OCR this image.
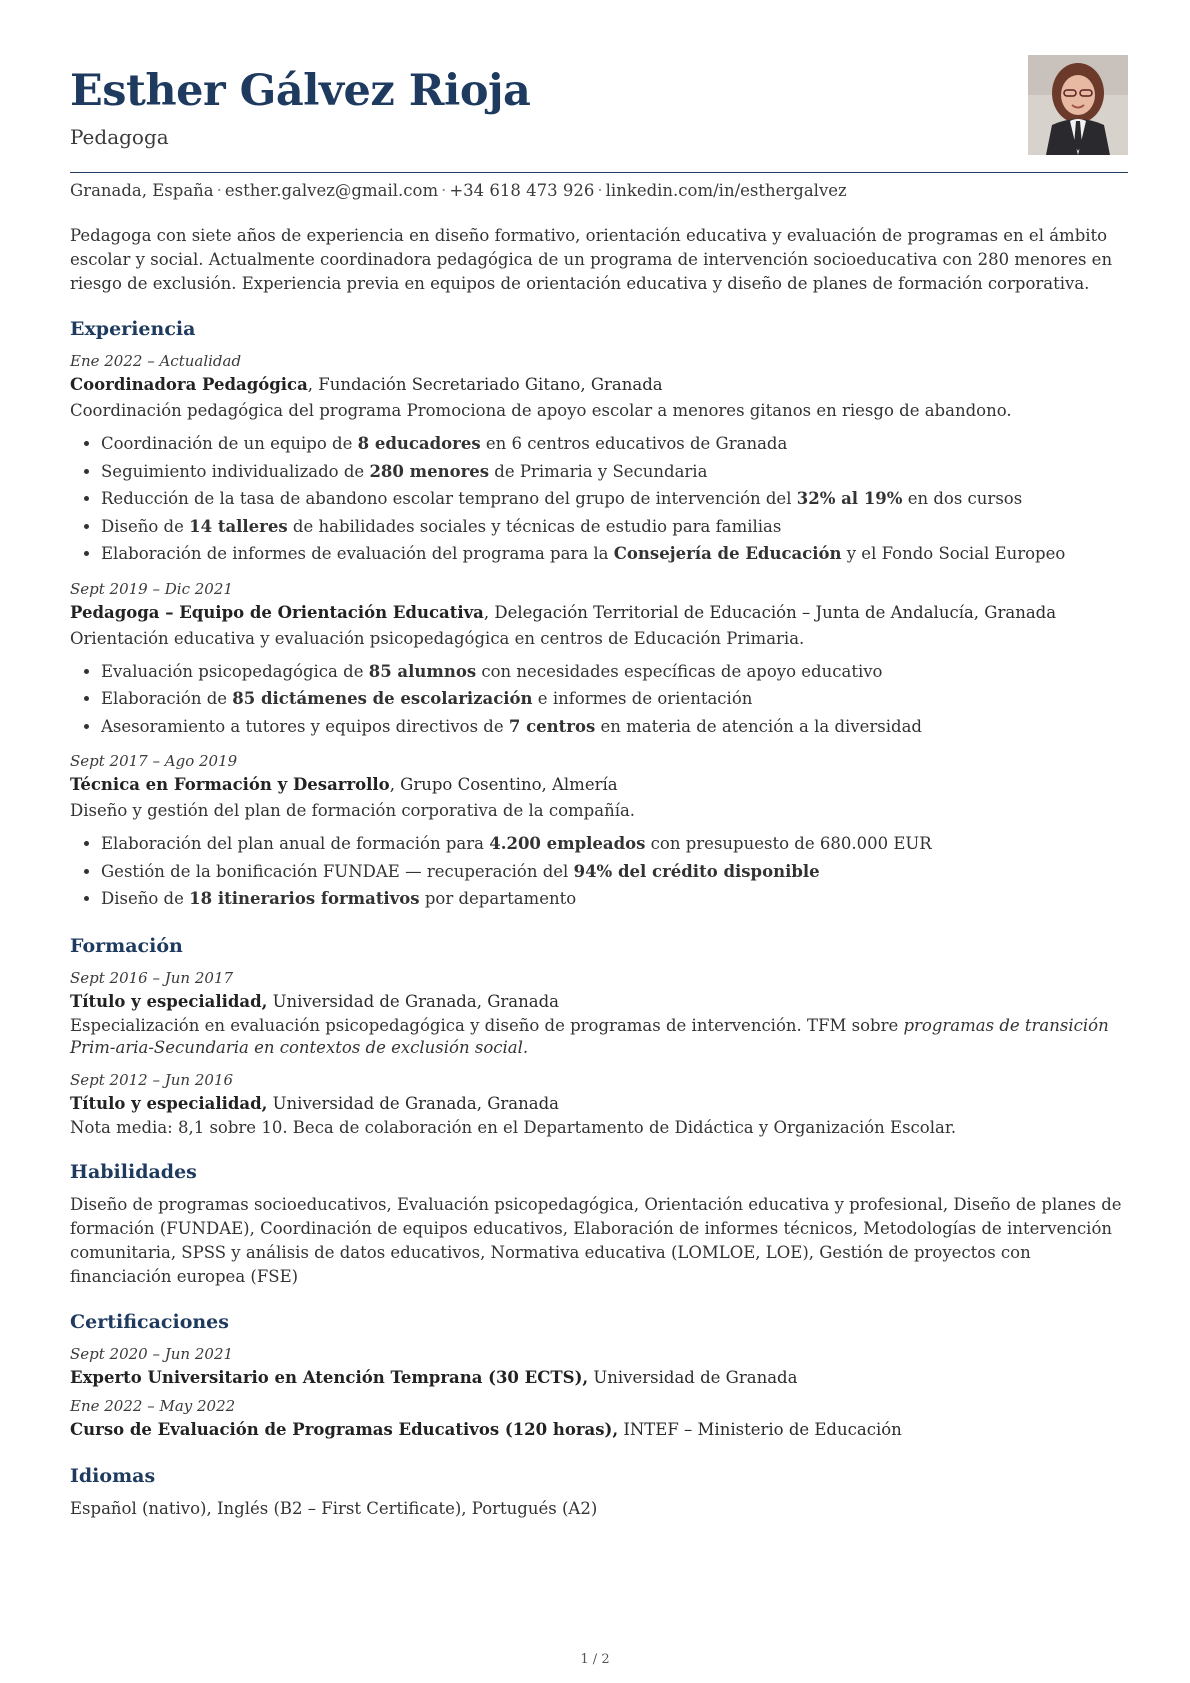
Esther Gálvez Rioja
Pedagoga
Granada, España · esther.galvez@gmail.com · +34 618 473 926 · linkedin.com/in/esthergalvez

Pedagoga con siete años de experiencia en diseño formativo, orientación educativa y evaluación de programas en el ámbito escolar y social. Actualmente coordinadora pedagógica de un programa de intervención socioeducativa con 280 menores en riesgo de exclusión. Experiencia previa en equipos de orientación educativa y diseño de planes de formación corporativa.

Experiencia
Ene 2022 – Actualidad
Coordinadora Pedagógica, Fundación Secretariado Gitano, Granada
Coordinación pedagógica del programa Promociona de apoyo escolar a menores gitanos en riesgo de abandono.
• Coordinación de un equipo de 8 educadores en 6 centros educativos de Granada
• Seguimiento individualizado de 280 menores de Primaria y Secundaria
• Reducción de la tasa de abandono escolar temprano del grupo de intervención del 32% al 19% en dos cursos
• Diseño de 14 talleres de habilidades sociales y técnicas de estudio para familias
• Elaboración de informes de evaluación del programa para la Consejería de Educación y el Fondo Social Europeo
Sept 2019 – Dic 2021
Pedagoga – Equipo de Orientación Educativa, Delegación Territorial de Educación – Junta de Andalucía, Granada
Orientación educativa y evaluación psicopedagógica en centros de Educación Primaria.
• Evaluación psicopedagógica de 85 alumnos con necesidades específicas de apoyo educativo
• Elaboración de 85 dictámenes de escolarización e informes de orientación
• Asesoramiento a tutores y equipos directivos de 7 centros en materia de atención a la diversidad
Sept 2017 – Ago 2019
Técnica en Formación y Desarrollo, Grupo Cosentino, Almería
Diseño y gestión del plan de formación corporativa de la compañía.
• Elaboración del plan anual de formación para 4.200 empleados con presupuesto de 680.000 EUR
• Gestión de la bonificación FUNDAE — recuperación del 94% del crédito disponible
• Diseño de 18 itinerarios formativos por departamento
Formación
Sept 2016 – Jun 2017
Título y especialidad, Universidad de Granada, Granada
Especialización en evaluación psicopedagógica y diseño de programas de intervención. TFM sobre programas de transición Prim-aria-Secundaria en contextos de exclusión social.
Sept 2012 – Jun 2016
Título y especialidad, Universidad de Granada, Granada
Nota media: 8,1 sobre 10. Beca de colaboración en el Departamento de Didáctica y Organización Escolar.
Habilidades

Diseño de programas socioeducativos, Evaluación psicopedagógica, Orientación educativa y profesional, Diseño de planes de formación (FUNDAE), Coordinación de equipos educativos, Elaboración de informes técnicos, Metodologías de intervención comunitaria, SPSS y análisis de datos educativos, Normativa educativa (LOMLOE, LOE), Gestión de proyectos con financiación europea (FSE)

Certificaciones
Sept 2020 – Jun 2021
Experto Universitario en Atención Temprana (30 ECTS), Universidad de Granada
Ene 2022 – May 2022
Curso de Evaluación de Programas Educativos (120 horas), INTEF – Ministerio de Educación
Idiomas

Español (nativo), Inglés (B2 – First Certificate), Portugués (A2)

1 / 2
